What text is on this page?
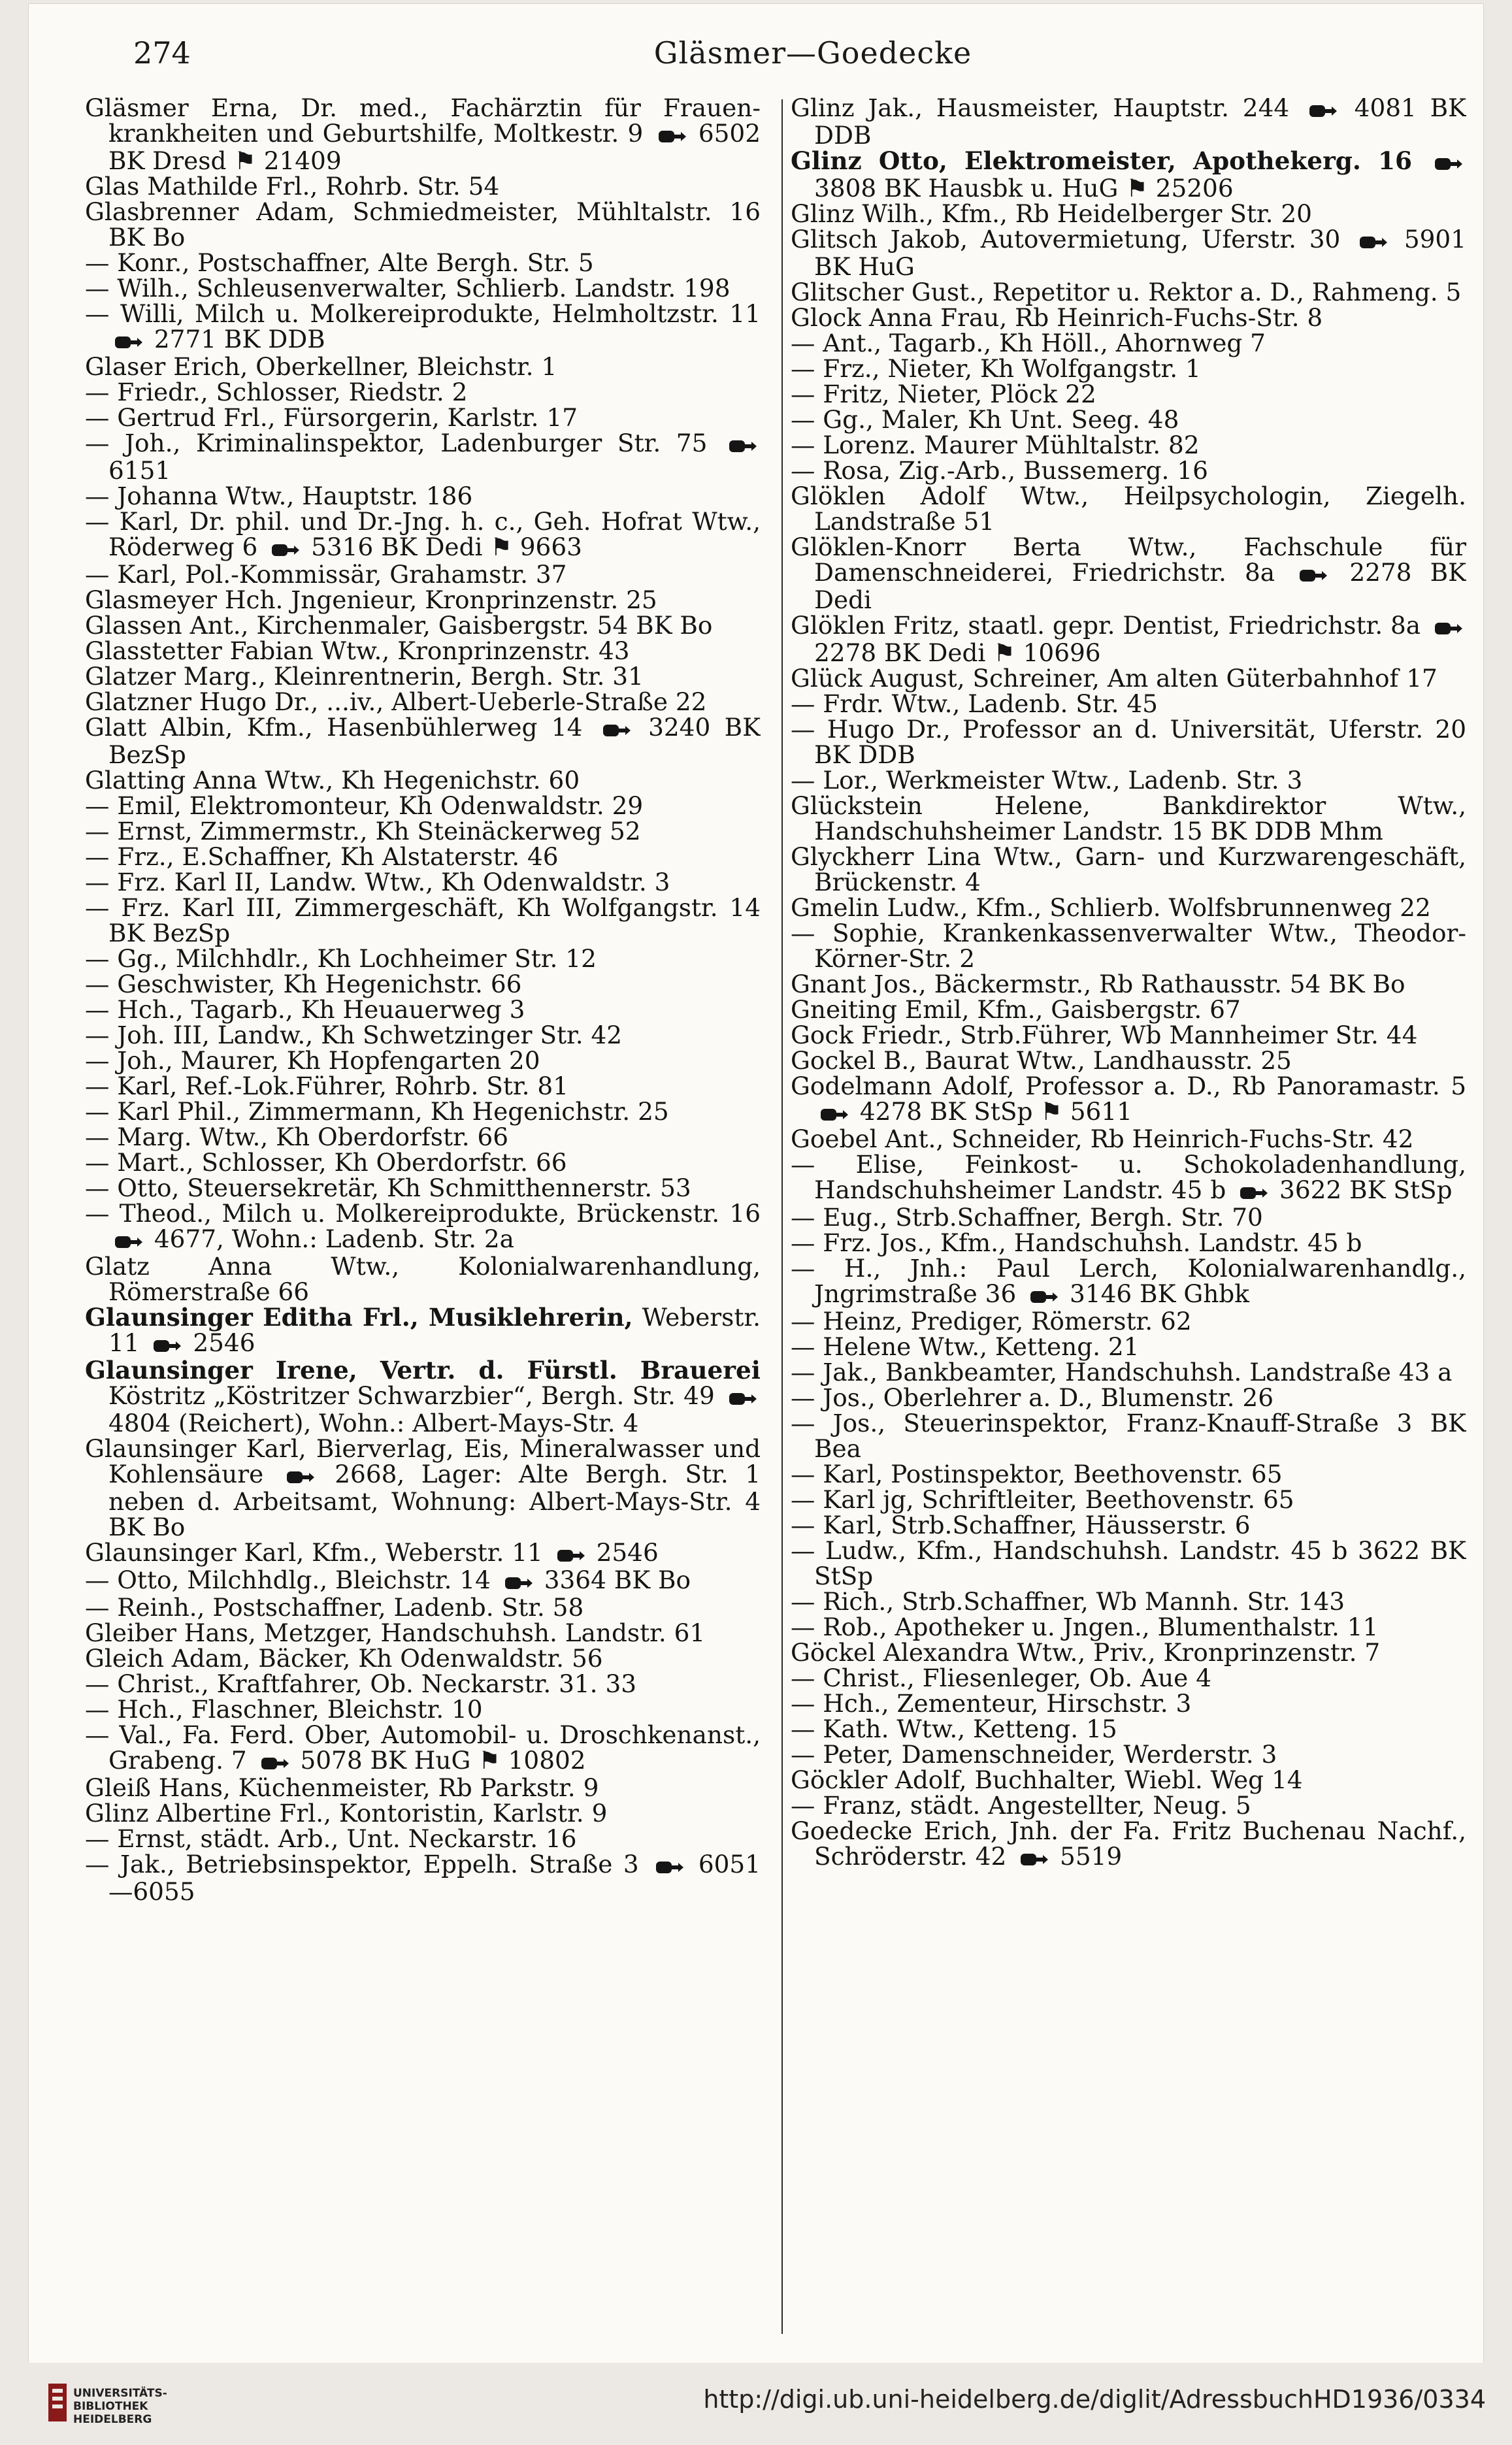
274	Gläsmer—Goedecke

Gläsmer Erna, Dr. med., Fachärztin für Frauen-krankheiten und Geburtshilfe, Moltkestr. 9  6502 BK Dresd ⚑ 21409

Glas Mathilde Frl., Rohrb. Str. 54

Glasbrenner Adam, Schmiedmeister, Mühltalstr. 16 BK Bo

— Konr., Postschaffner, Alte Bergh. Str. 5

— Wilh., Schleusenverwalter, Schlierb. Landstr. 198

— Willi, Milch u. Molkereiprodukte, Helmholtzstr. 11  2771 BK DDB

Glaser Erich, Oberkellner, Bleichstr. 1

— Friedr., Schlosser, Riedstr. 2

— Gertrud Frl., Fürsorgerin, Karlstr. 17

— Joh., Kriminalinspektor, Ladenburger Str. 75  6151

— Johanna Wtw., Hauptstr. 186

— Karl, Dr. phil. und Dr.-Jng. h. c., Geh. Hofrat Wtw., Röderweg 6  5316 BK Dedi ⚑ 9663

— Karl, Pol.-Kommissär, Grahamstr. 37

Glasmeyer Hch. Jngenieur, Kronprinzenstr. 25

Glassen Ant., Kirchenmaler, Gaisbergstr. 54 BK Bo

Glasstetter Fabian Wtw., Kronprinzenstr. 43

Glatzer Marg., Kleinrentnerin, Bergh. Str. 31

Glatzner Hugo Dr., ...iv., Albert-Ueberle-Straße 22

Glatt Albin, Kfm., Hasenbühlerweg 14  3240 BK BezSp

Glatting Anna Wtw., Kh Hegenichstr. 60

— Emil, Elektromonteur, Kh Odenwaldstr. 29

— Ernst, Zimmermstr., Kh Steinäckerweg 52

— Frz., E.Schaffner, Kh Alstaterstr. 46

— Frz. Karl II, Landw. Wtw., Kh Odenwaldstr. 3

— Frz. Karl III, Zimmergeschäft, Kh Wolfgangstr. 14 BK BezSp

— Gg., Milchhdlr., Kh Lochheimer Str. 12

— Geschwister, Kh Hegenichstr. 66

— Hch., Tagarb., Kh Heuauerweg 3

— Joh. III, Landw., Kh Schwetzinger Str. 42

— Joh., Maurer, Kh Hopfengarten 20

— Karl, Ref.-Lok.Führer, Rohrb. Str. 81

— Karl Phil., Zimmermann, Kh Hegenichstr. 25

— Marg. Wtw., Kh Oberdorfstr. 66

— Mart., Schlosser, Kh Oberdorfstr. 66

— Otto, Steuersekretär, Kh Schmitthennerstr. 53

— Theod., Milch u. Molkereiprodukte, Brückenstr. 16  4677, Wohn.: Ladenb. Str. 2a

Glatz Anna Wtw., Kolonialwarenhandlung, Römerstraße 66

Glaunsinger Editha Frl., Musiklehrerin, Weberstr. 11  2546

Glaunsinger Irene, Vertr. d. Fürstl. Brauerei Köstritz „Köstritzer Schwarzbier“, Bergh. Str. 49  4804 (Reichert), Wohn.: Albert-Mays-Str. 4

Glaunsinger Karl, Bierverlag, Eis, Mineralwasser und Kohlensäure  2668, Lager: Alte Bergh. Str. 1 neben d. Arbeitsamt, Wohnung: Albert-Mays-Str. 4 BK Bo

Glaunsinger Karl, Kfm., Weberstr. 11  2546

— Otto, Milchhdlg., Bleichstr. 14  3364 BK Bo

— Reinh., Postschaffner, Ladenb. Str. 58

Gleiber Hans, Metzger, Handschuhsh. Landstr. 61

Gleich Adam, Bäcker, Kh Odenwaldstr. 56

— Christ., Kraftfahrer, Ob. Neckarstr. 31. 33

— Hch., Flaschner, Bleichstr. 10

— Val., Fa. Ferd. Ober, Automobil- u. Droschkenanst., Grabeng. 7  5078 BK HuG ⚑ 10802

Gleiß Hans, Küchenmeister, Rb Parkstr. 9

Glinz Albertine Frl., Kontoristin, Karlstr. 9

— Ernst, städt. Arb., Unt. Neckarstr. 16

— Jak., Betriebsinspektor, Eppelh. Straße 3  6051—6055

Glinz Jak., Hausmeister, Hauptstr. 244  4081 BK DDB

Glinz Otto, Elektromeister, Apothekerg. 16  3808 BK Hausbk u. HuG ⚑ 25206

Glinz Wilh., Kfm., Rb Heidelberger Str. 20

Glitsch Jakob, Autovermietung, Uferstr. 30  5901 BK HuG

Glitscher Gust., Repetitor u. Rektor a. D., Rahmeng. 5

Glock Anna Frau, Rb Heinrich-Fuchs-Str. 8

— Ant., Tagarb., Kh Höll., Ahornweg 7

— Frz., Nieter, Kh Wolfgangstr. 1

— Fritz, Nieter, Plöck 22

— Gg., Maler, Kh Unt. Seeg. 48

— Lorenz. Maurer Mühltalstr. 82

— Rosa, Zig.-Arb., Bussemerg. 16

Glöklen Adolf Wtw., Heilpsychologin, Ziegelh. Landstraße 51

Glöklen-Knorr Berta Wtw., Fachschule für Damenschneiderei, Friedrichstr. 8a  2278 BK Dedi

Glöklen Fritz, staatl. gepr. Dentist, Friedrichstr. 8a  2278 BK Dedi ⚑ 10696

Glück August, Schreiner, Am alten Güterbahnhof 17

— Frdr. Wtw., Ladenb. Str. 45

— Hugo Dr., Professor an d. Universität, Uferstr. 20 BK DDB

— Lor., Werkmeister Wtw., Ladenb. Str. 3

Glückstein Helene, Bankdirektor Wtw., Handschuhsheimer Landstr. 15 BK DDB Mhm

Glyckherr Lina Wtw., Garn- und Kurzwarengeschäft, Brückenstr. 4

Gmelin Ludw., Kfm., Schlierb. Wolfsbrunnenweg 22

— Sophie, Krankenkassenverwalter Wtw., Theodor-Körner-Str. 2

Gnant Jos., Bäckermstr., Rb Rathausstr. 54 BK Bo

Gneiting Emil, Kfm., Gaisbergstr. 67

Gock Friedr., Strb.Führer, Wb Mannheimer Str. 44

Gockel B., Baurat Wtw., Landhausstr. 25

Godelmann Adolf, Professor a. D., Rb Panoramastr. 5  4278 BK StSp ⚑ 5611

Goebel Ant., Schneider, Rb Heinrich-Fuchs-Str. 42

— Elise, Feinkost- u. Schokoladenhandlung, Handschuhsheimer Landstr. 45 b  3622 BK StSp

— Eug., Strb.Schaffner, Bergh. Str. 70

— Frz. Jos., Kfm., Handschuhsh. Landstr. 45 b

— H., Jnh.: Paul Lerch, Kolonialwarenhandlg., Jngrimstraße 36  3146 BK Ghbk

— Heinz, Prediger, Römerstr. 62

— Helene Wtw., Ketteng. 21

— Jak., Bankbeamter, Handschuhsh. Landstraße 43 a

— Jos., Oberlehrer a. D., Blumenstr. 26

— Jos., Steuerinspektor, Franz-Knauff-Straße 3 BK Bea

— Karl, Postinspektor, Beethovenstr. 65

— Karl jg, Schriftleiter, Beethovenstr. 65

— Karl, Strb.Schaffner, Häusserstr. 6

— Ludw., Kfm., Handschuhsh. Landstr. 45 b 3622 BK StSp

— Rich., Strb.Schaffner, Wb Mannh. Str. 143

— Rob., Apotheker u. Jngen., Blumenthalstr. 11

Göckel Alexandra Wtw., Priv., Kronprinzenstr. 7

— Christ., Fliesenleger, Ob. Aue 4

— Hch., Zementeur, Hirschstr. 3

— Kath. Wtw., Ketteng. 15

— Peter, Damenschneider, Werderstr. 3

Göckler Adolf, Buchhalter, Wiebl. Weg 14

— Franz, städt. Angestellter, Neug. 5

Goedecke Erich, Jnh. der Fa. Fritz Buchenau Nachf., Schröderstr. 42  5519

UNIVERSITÄTS-
BIBLIOTHEK
HEIDELBERG
http://digi.ub.uni-heidelberg.de/diglit/AdressbuchHD1936/0334
